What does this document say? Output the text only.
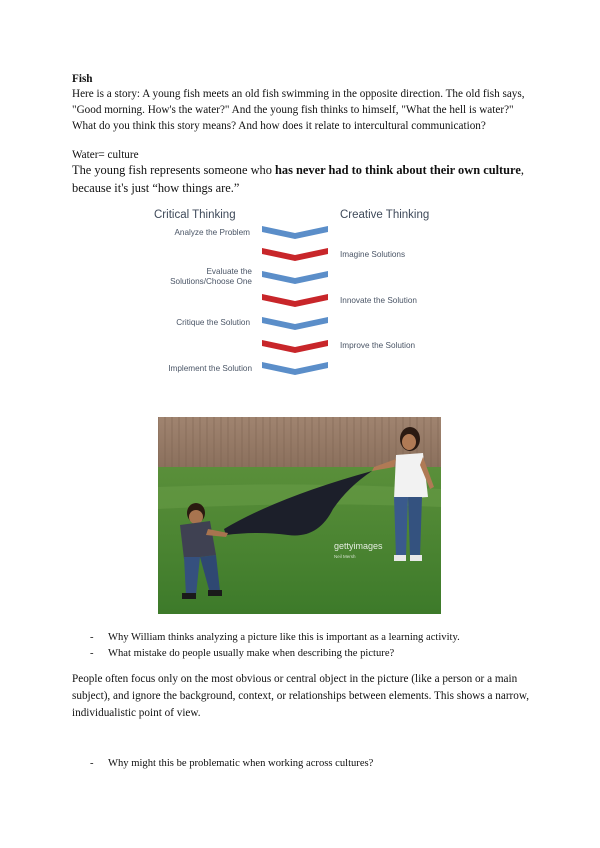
Fish
Here is a story: A young fish meets an old fish swimming in the opposite direction. The old fish says,
"Good morning. How's the water?" And the young fish thinks to himself, "What the hell is water?"
What do you think this story means? And how does it relate to intercultural communication?
Water= culture
The young fish represents someone who has never had to think about their own culture,
because it's just “how things are.”
Critical Thinking	Creative Thinking
Analyze the Problem
Evaluate the
Solutions/Choose One
Critique the Solution
Implement the Solution
Imagine Solutions
Innovate the Solution
Improve the Solution
gettyimages
Neil Mersh
- Why William thinks analyzing a picture like this is important as a learning activity.
- What mistake do people usually make when describing the picture?
People often focus only on the most obvious or central object in the picture (like a person or a main
subject), and ignore the background, context, or relationships between elements. This shows a narrow,
individualistic point of view.
- Why might this be problematic when working across cultures?
